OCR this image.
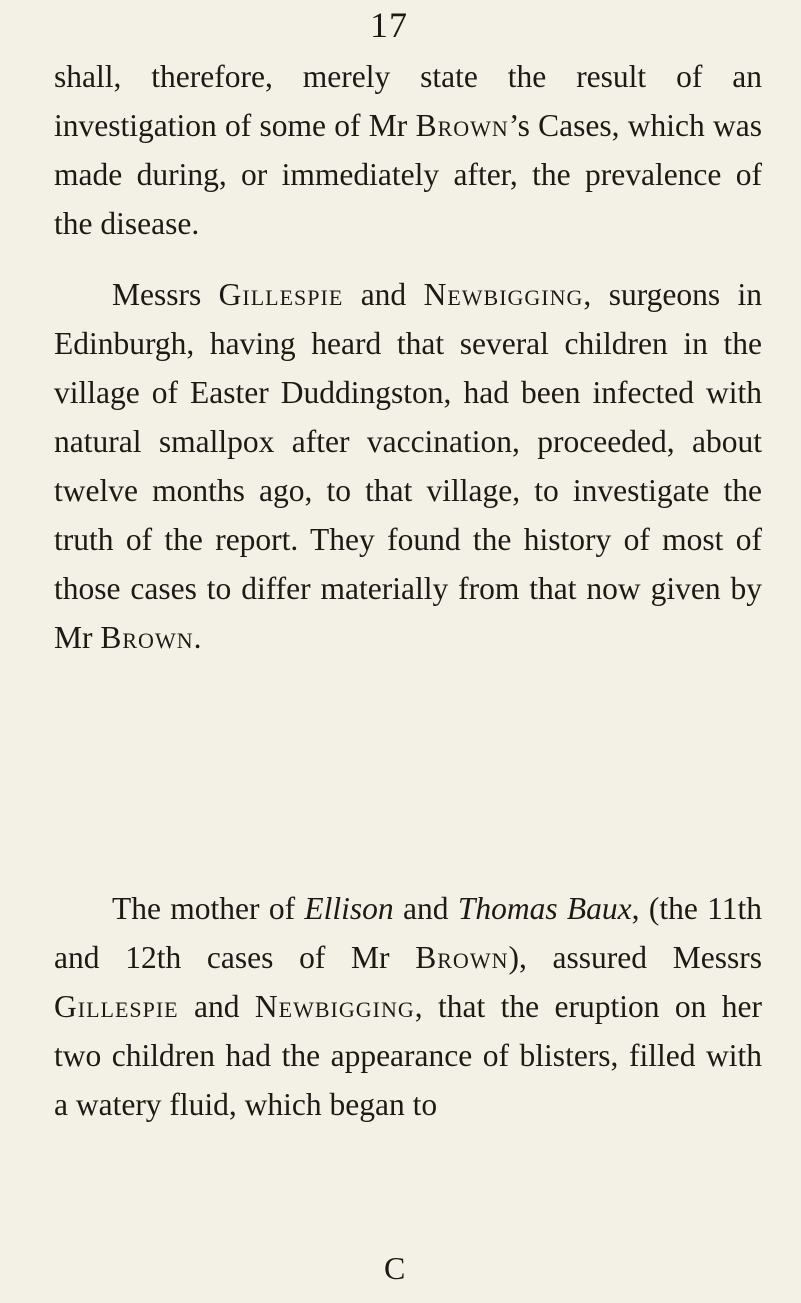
17

shall, therefore, merely state the result of an investigation of some of Mr Brown’s Cases, which was made during, or immediately after, the prevalence of the disease.

Messrs Gillespie and Newbigging, surgeons in Edinburgh, having heard that several children in the village of Easter Duddingston, had been infected with natural smallpox after vaccination, proceeded, about twelve months ago, to that village, to investigate the truth of the report. They found the history of most of those cases to differ materially from that now given by Mr Brown.

The mother of Ellison and Thomas Baux, (the 11th and 12th cases of Mr Brown), assured Messrs Gillespie and Newbigging, that the eruption on her two children had the appearance of blisters, filled with a watery fluid, which began to

C
